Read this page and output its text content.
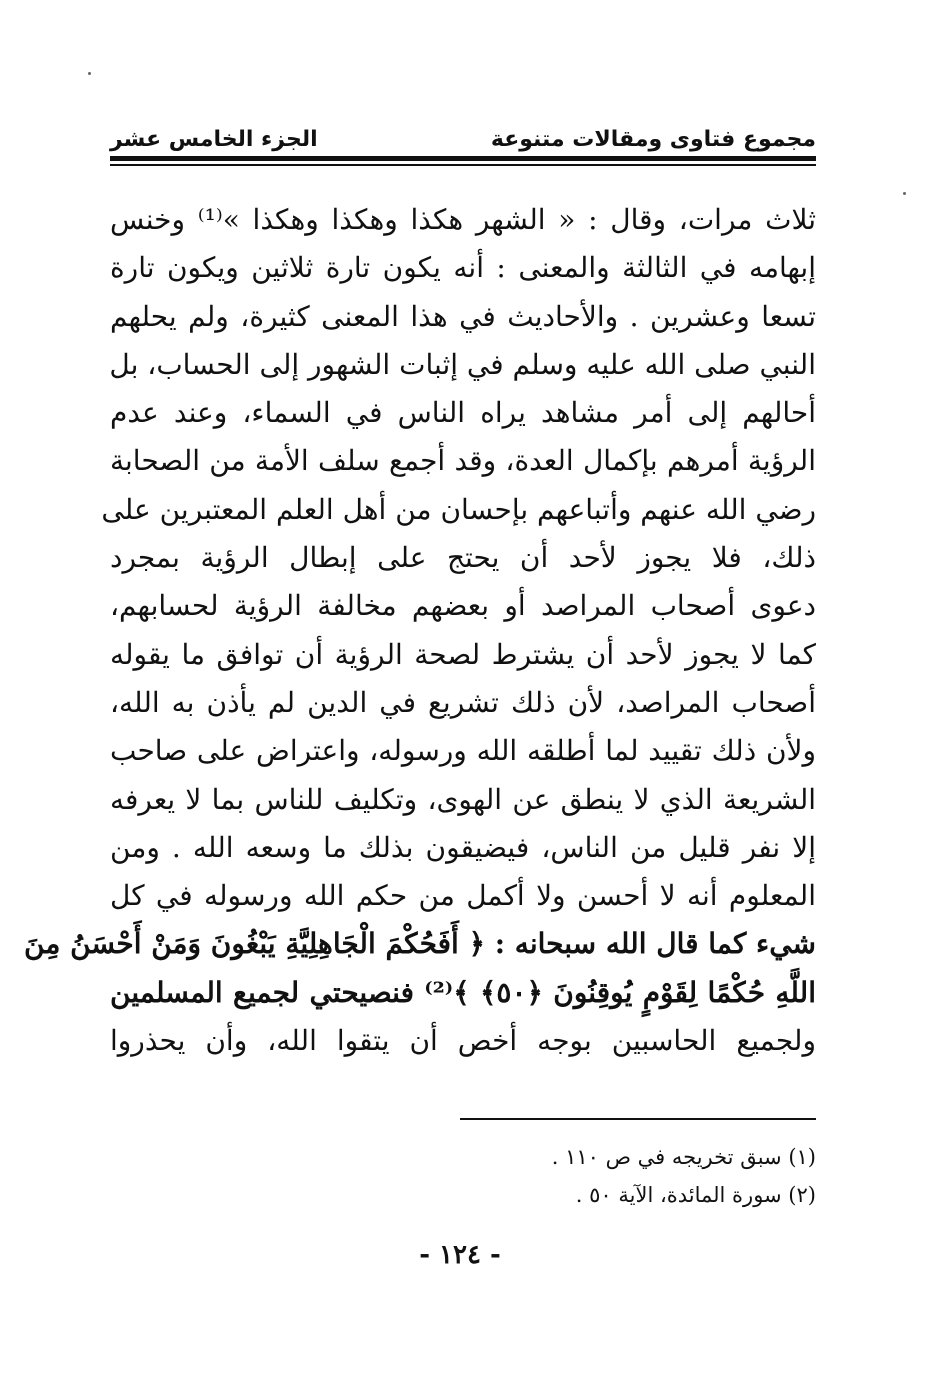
مجموع فتاوى ومقالات متنوعة
الجزء الخامس عشر
ثلاث مرات، وقال : « الشهر هكذا وهكذا وهكذا »⁽¹⁾ وخنس
إبهامه في الثالثة والمعنى : أنه يكون تارة ثلاثين ويكون تارة
تسعا وعشرين . والأحاديث في هذا المعنى كثيرة، ولم يحلهم
النبي صلى الله عليه وسلم في إثبات الشهور إلى الحساب، بل
أحالهم إلى أمر مشاهد يراه الناس في السماء، وعند عدم
الرؤية أمرهم بإكمال العدة، وقد أجمع سلف الأمة من الصحابة
رضي الله عنهم وأتباعهم بإحسان من أهل العلم المعتبرين على
ذلك، فلا يجوز لأحد أن يحتج على إبطال الرؤية بمجرد
دعوى أصحاب المراصد أو بعضهم مخالفة الرؤية لحسابهم،
كما لا يجوز لأحد أن يشترط لصحة الرؤية أن توافق ما يقوله
أصحاب المراصد، لأن ذلك تشريع في الدين لم يأذن به الله،
ولأن ذلك تقييد لما أطلقه الله ورسوله، واعتراض على صاحب
الشريعة الذي لا ينطق عن الهوى، وتكليف للناس بما لا يعرفه
إلا نفر قليل من الناس، فيضيقون بذلك ما وسعه الله . ومن
المعلوم أنه لا أحسن ولا أكمل من حكم الله ورسوله في كل
شيء كما قال الله سبحانه : ﴿ أَفَحُكْمَ الْجَاهِلِيَّةِ يَبْغُونَ وَمَنْ أَحْسَنُ مِنَ
اللَّهِ حُكْمًا لِقَوْمٍ يُوقِنُونَ ﴿٥٠﴾ ﴾⁽²⁾ فنصيحتي لجميع المسلمين
ولجميع الحاسبين بوجه أخص أن يتقوا الله، وأن يحذروا
(١) سبق تخريجه في ص ١١٠ .
(٢) سورة المائدة، الآية ٥٠ .
- ١٢٤ -
